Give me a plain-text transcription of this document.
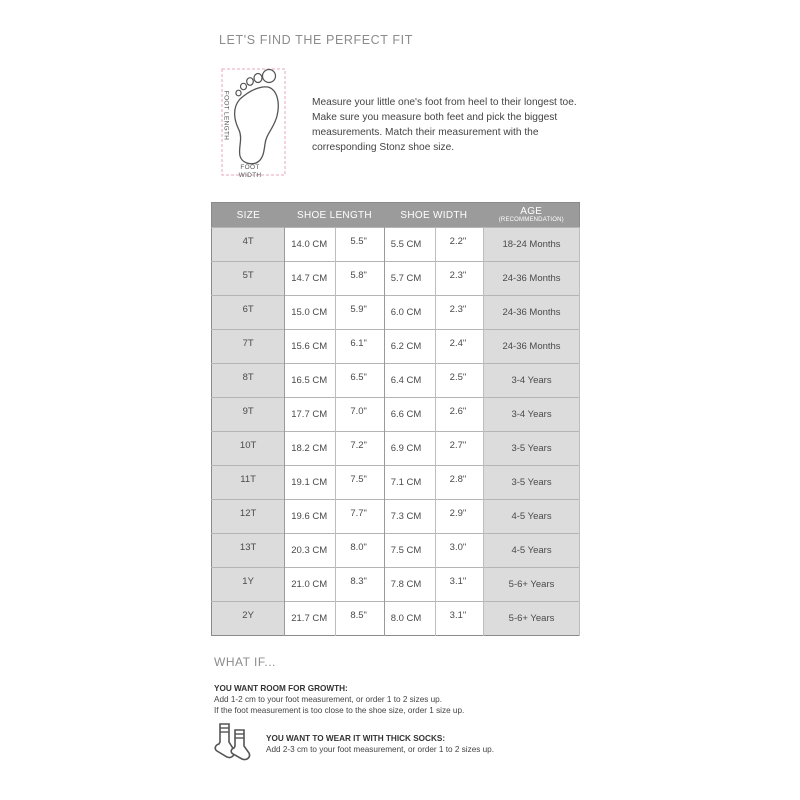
LET'S FIND THE PERFECT FIT
FOOT LENGTH
FOOT
WIDTH
Measure your little one's foot from heel to their longest toe. Make sure you measure both feet and pick the biggest measurements. Match their measurement with the corresponding Stonz shoe size.
SIZE	SHOE LENGTH		SHOE WIDTH		AGE
(RECOMMENDATION)

4T	14.0 CM	5.5"	5.5 CM	2.2"	18-24 Months
5T	14.7 CM	5.8"	5.7 CM	2.3"	24-36 Months
6T	15.0 CM	5.9"	6.0 CM	2.3"	24-36 Months
7T	15.6 CM	6.1"	6.2 CM	2.4"	24-36 Months
8T	16.5 CM	6.5"	6.4 CM	2.5"	3-4 Years
9T	17.7 CM	7.0"	6.6 CM	2.6"	3-4 Years
10T	18.2 CM	7.2"	6.9 CM	2.7"	3-5 Years
11T	19.1 CM	7.5"	7.1 CM	2.8"	3-5 Years
12T	19.6 CM	7.7"	7.3 CM	2.9"	4-5 Years
13T	20.3 CM	8.0"	7.5 CM	3.0"	4-5 Years
1Y	21.0 CM	8.3"	7.8 CM	3.1"	5-6+ Years
2Y	21.7 CM	8.5"	8.0 CM	3.1"	5-6+ Years
WHAT IF...
YOU WANT ROOM FOR GROWTH:
Add 1-2 cm to your foot measurement, or order 1 to 2 sizes up.
If the foot measurement is too close to the shoe size, order 1 size up.
YOU WANT TO WEAR IT WITH THICK SOCKS:
Add 2-3 cm to your foot measurement, or order 1 to 2 sizes up.
